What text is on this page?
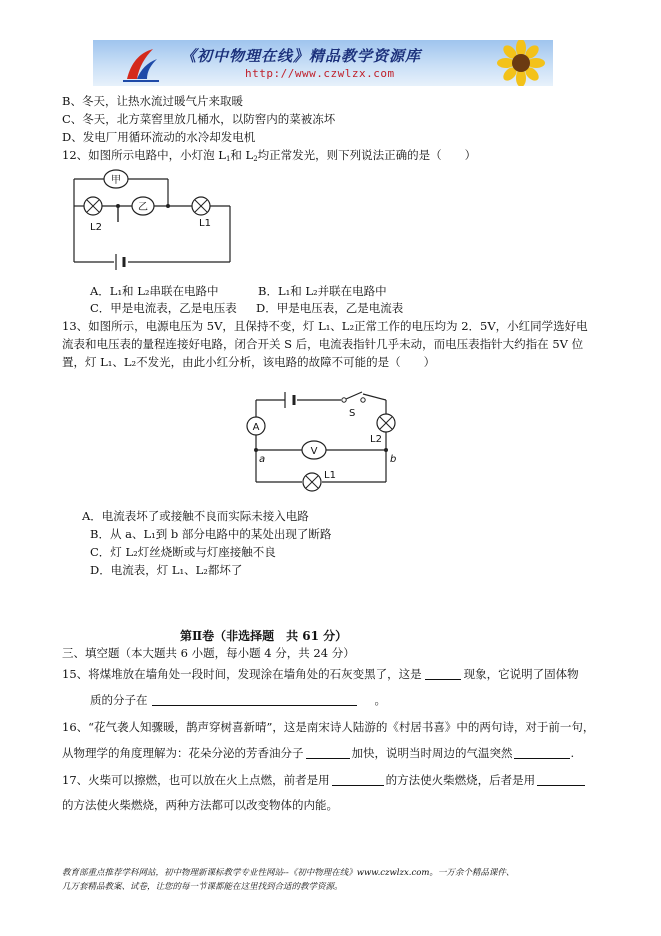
《初中物理在线》精品教学资源库
http://www.czwlzx.com
B、冬天，让热水流过暖气片来取暖
C、冬天，北方菜窖里放几桶水，以防窖内的菜被冻坏
D、发电厂用循环流动的水冷却发电机
12、如图所示电路中，小灯泡 $L_1$和 $L_2$均正常发光，则下列说法正确的是（　　）
甲
乙
L2	L1
A．L₁和 L₂串联在电路中	B．L₁和 L₂并联在电路中
C．甲是电流表，乙是电压表 D．甲是电压表，乙是电流表
13、如图所示，电源电压为 5V，且保持不变，灯 L₁、L₂正常工作的电压均为 2．5V，小红同学选好电
流表和电压表的量程连接好电路，闭合开关 S 后，电流表指针几乎未动，而电压表指针大约指在 5V 位
置，灯 L₁、L₂不发光，由此小红分析，该电路的故障不可能的是（　　）
S
A
L2
V
a	b
L1
A．电流表坏了或接触不良而实际未接入电路
B．从 a、L₁到 b 部分电路中的某处出现了断路
C．灯 L₂灯丝烧断或与灯座接触不良
D．电流表，灯 L₁、L₂都坏了
第Ⅱ卷（非选择题　共 61 分）
三、填空题（本大题共 6 小题，每小题 4 分，共 24 分）
15、将煤堆放在墙角处一段时间，发现涂在墙角处的石灰变黑了，这是	现象，它说明了固体物
质的分子在	。
16、“花气袭人知骤暖，鹊声穿树喜新晴”，这是南宋诗人陆游的《村居书喜》中的两句诗，对于前一句，
从物理学的角度理解为：花朵分泌的芳香油分子	加快，说明当时周边的气温突然	.
17、火柴可以擦燃，也可以放在火上点燃，前者是用	的方法使火柴燃烧，后者是用
的方法使火柴燃烧，两种方法都可以改变物体的内能。
教育部重点推荐学科网站，初中物理新课标教学专业性网站--《初中物理在线》www.czwlzx.com。一万余个精品课件、
几万套精品教案、试卷，让您的每一节课都能在这里找到合适的教学资源。
